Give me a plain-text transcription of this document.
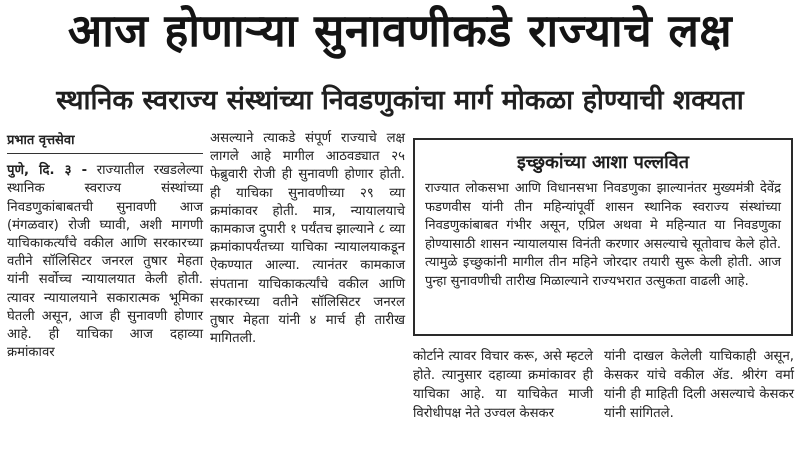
आज होणाऱ्या सुनावणीकडे राज्याचे लक्ष
स्थानिक स्वराज्य संस्थांच्या निवडणुकांचा मार्ग मोकळा होण्याची शक्यता
प्रभात वृत्तसेवा

पुणे, दि. ३ - राज्यातील रखडलेल्या स्थानिक स्वराज्य संस्थांच्या निवडणुकांबाबतची सुनावणी आज (मंगळवार) रोजी घ्यावी, अशी मागणी याचिकाकर्त्यांचे वकील आणि सरकारच्या वतीने सॉलिसिटर जनरल तुषार मेहता यांनी सर्वोच्च न्यायालयात केली होती. त्यावर न्यायालयाने सकारात्मक भूमिका घेतली असून, आज ही सुनावणी होणार आहे. ही याचिका आज दहाव्या क्रमांकावर

असल्याने त्याकडे संपूर्ण राज्याचे लक्ष लागले आहे मागील आठवड्यात २५ फेब्रुवारी रोजी ही सुनावणी होणार होती. ही याचिका सुनावणीच्या २९ व्या क्रमांकावर होती. मात्र, न्यायालयाचे कामकाज दुपारी १ पर्यंतच झाल्याने ८ व्या क्रमांकापर्यंतच्या याचिका न्यायालयाकडून ऐकण्यात आल्या. त्यानंतर कामकाज संपताना याचिकाकर्त्यांचे वकील आणि सरकारच्या वतीने सॉलिसिटर जनरल तुषार मेहता यांनी ४ मार्च ही तारीख मागितली.

इच्छुकांच्या आशा पल्लवित
राज्यात लोकसभा आणि विधानसभा निवडणुका झाल्यानंतर मुख्यमंत्री देवेंद्र फडणवीस यांनी तीन महिन्यांपूर्वी शासन स्थानिक स्वराज्य संस्थांच्या निवडणुकांबाबत गंभीर असून, एप्रिल अथवा मे महिन्यात या निवडणुका होण्यासाठी शासन न्यायालयास विनंती करणार असल्याचे सूतोवाच केले होते. त्यामुळे इच्छुकांनी मागील तीन महिने जोरदार तयारी सुरू केली होती. आज पुन्हा सुनावणीची तारीख मिळाल्याने राज्यभरात उत्सुकता वाढली आहे.

कोर्टाने त्यावर विचार करू, असे म्हटले होते. त्यानुसार दहाव्या क्रमांकावर ही याचिका आहे. या याचिकेत माजी विरोधीपक्ष नेते उज्वल केसकर

यांनी दाखल केलेली याचिकाही असून, केसकर यांचे वकील ॲड. श्रीरंग वर्मा यांनी ही माहिती दिली असल्याचे केसकर यांनी सांगितले.
